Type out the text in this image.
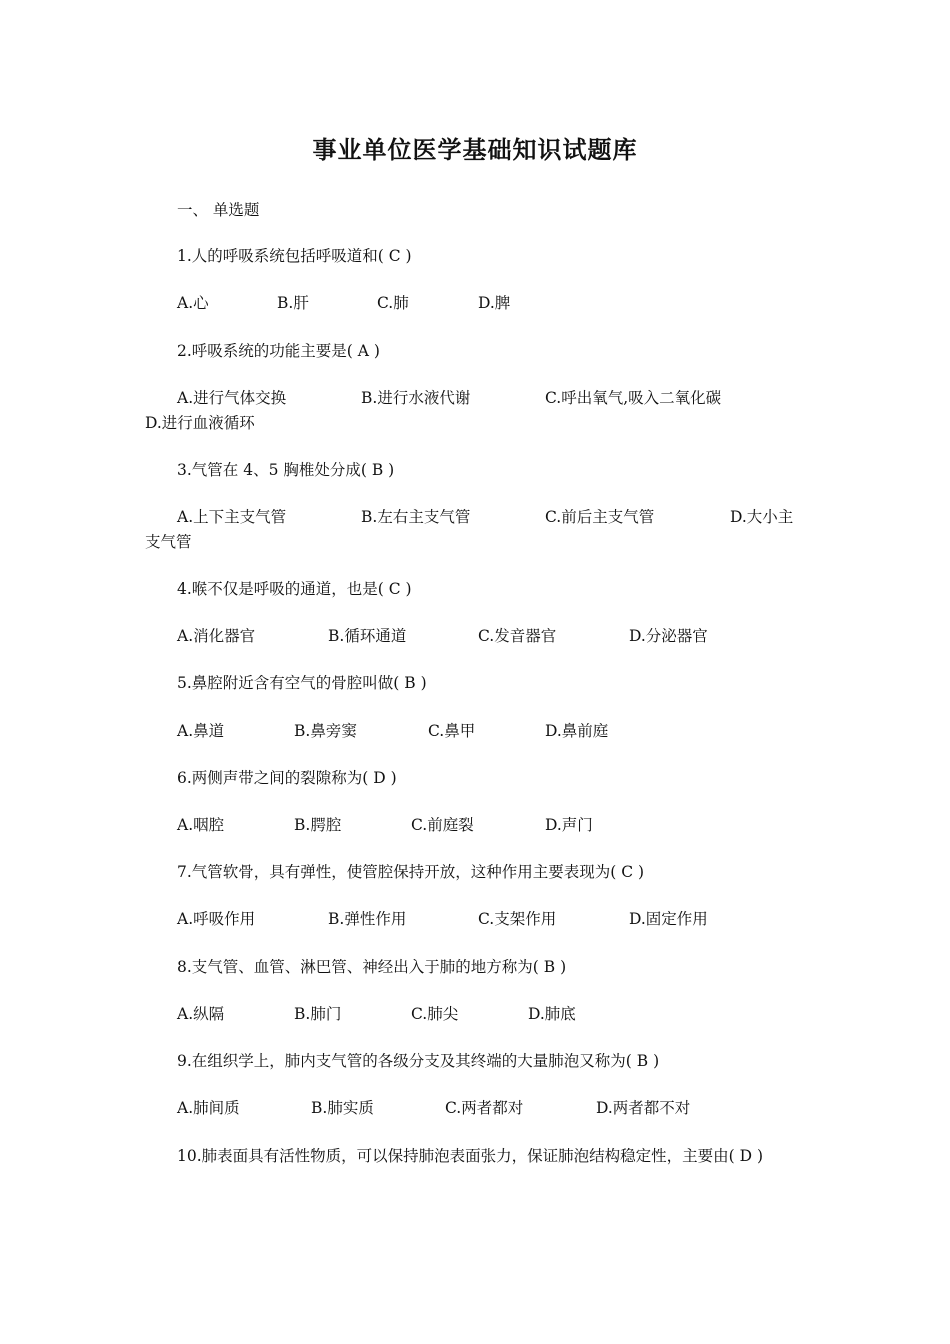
事业单位医学基础知识试题库
一、 单选题
1.人的呼吸系统包括呼吸道和( C )
A.心	B.肝	C.肺	D.脾
2.呼吸系统的功能主要是( A )
A.进行气体交换	B.进行水液代谢	C.呼出氧气,吸入二氧化碳
D.进行血液循环
3.气管在 4、5 胸椎处分成( B )
A.上下主支气管	B.左右主支气管	C.前后主支气管	D.大小主
支气管
4.喉不仅是呼吸的通道，也是( C )
A.消化器官	B.循环通道	C.发音器官	D.分泌器官
5.鼻腔附近含有空气的骨腔叫做( B )
A.鼻道	B.鼻旁窦	C.鼻甲	D.鼻前庭
6.两侧声带之间的裂隙称为( D )
A.咽腔	B.腭腔	C.前庭裂	D.声门
7.气管软骨，具有弹性，使管腔保持开放，这种作用主要表现为( C )
A.呼吸作用	B.弹性作用	C.支架作用	D.固定作用
8.支气管、血管、淋巴管、神经出入于肺的地方称为( B )
A.纵隔	B.肺门	C.肺尖	D.肺底
9.在组织学上，肺内支气管的各级分支及其终端的大量肺泡又称为( B )
A.肺间质	B.肺实质	C.两者都对	D.两者都不对
10.肺表面具有活性物质，可以保持肺泡表面张力，保证肺泡结构稳定性，主要由( D )
